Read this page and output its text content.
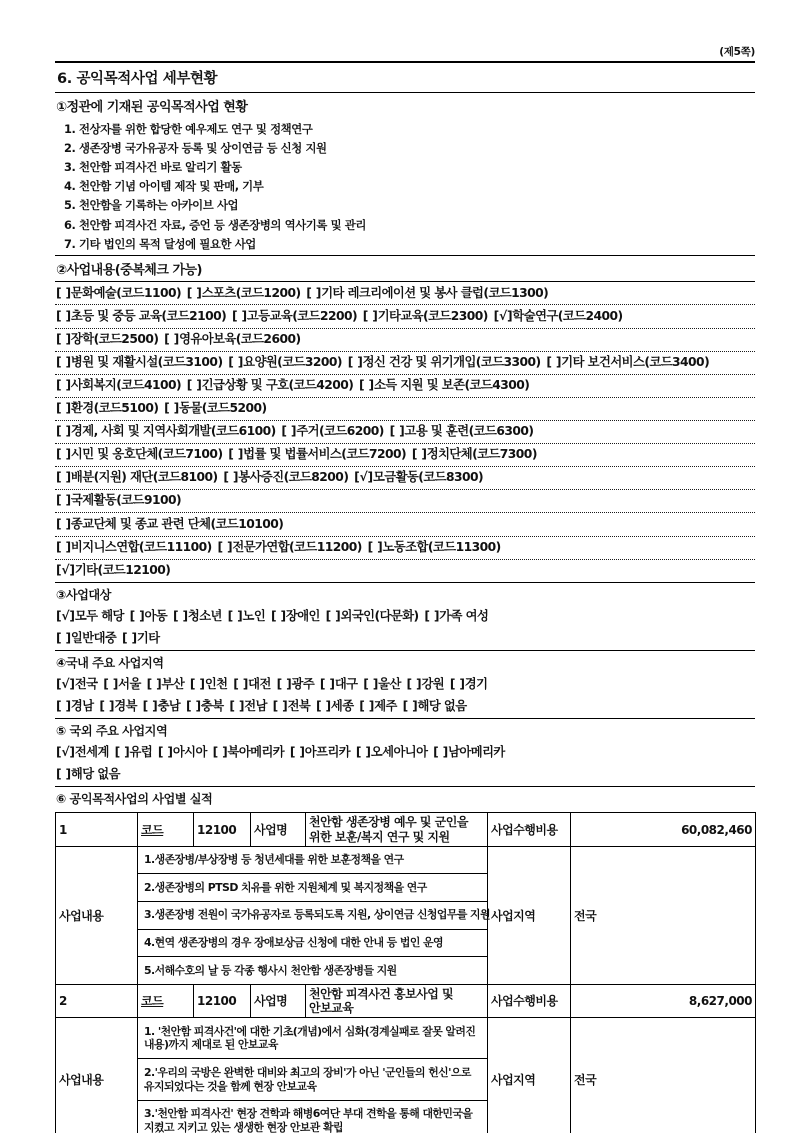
(제5쪽)
6. 공익목적사업 세부현황
①정관에 기재된 공익목적사업 현황
1. 전상자를 위한 합당한 예우제도 연구 및 정책연구
2. 생존장병 국가유공자 등록 및 상이연금 등 신청 지원
3. 천안함 피격사건 바로 알리기 활동
4. 천안함 기념 아이템 제작 및 판매, 기부
5. 천안함을 기록하는 아카이브 사업
6. 천안함 피격사건 자료, 증언 등 생존장병의 역사기록 및 관리
7. 기타 법인의 목적 달성에 필요한 사업
②사업내용(중복체크 가능)
[ ]문화예술(코드1100) [ ]스포츠(코드1200) [ ]기타 레크리에이션 및 봉사 클럽(코드1300)
[ ]초등 및 중등 교육(코드2100) [ ]고등교육(코드2200) [ ]기타교육(코드2300) [√]학술연구(코드2400)
[ ]장학(코드2500) [ ]영유아보육(코드2600)
[ ]병원 및 재활시설(코드3100) [ ]요양원(코드3200) [ ]정신 건강 및 위기개입(코드3300) [ ]기타 보건서비스(코드3400)
[ ]사회복지(코드4100) [ ]긴급상황 및 구호(코드4200) [ ]소득 지원 및 보존(코드4300)
[ ]환경(코드5100) [ ]동물(코드5200)
[ ]경제, 사회 및 지역사회개발(코드6100) [ ]주거(코드6200) [ ]고용 및 훈련(코드6300)
[ ]시민 및 옹호단체(코드7100) [ ]법률 및 법률서비스(코드7200) [ ]정치단체(코드7300)
[ ]배분(지원) 재단(코드8100) [ ]봉사증진(코드8200) [√]모금활동(코드8300)
[ ]국제활동(코드9100)
[ ]종교단체 및 종교 관련 단체(코드10100)
[ ]비지니스연합(코드11100) [ ]전문가연합(코드11200) [ ]노동조합(코드11300)
[√]기타(코드12100)
③사업대상
[√]모두 해당 [ ]아동 [ ]청소년 [ ]노인 [ ]장애인 [ ]외국인(다문화) [ ]가족 여성
[ ]일반대중 [ ]기타
④국내 주요 사업지역
[√]전국 [ ]서울 [ ]부산 [ ]인천 [ ]대전 [ ]광주 [ ]대구 [ ]울산 [ ]강원 [ ]경기
[ ]경남 [ ]경북 [ ]충남 [ ]충북 [ ]전남 [ ]전북 [ ]세종 [ ]제주 [ ]해당 없음
⑤ 국외 주요 사업지역
[√]전세계 [ ]유럽 [ ]아시아 [ ]북아메리카 [ ]아프리카 [ ]오세아니아 [ ]남아메리카
[ ]해당 없음
⑥ 공익목적사업의 사업별 실적
1	코드	12100	사업명	천안함 생존장병 예우 및 군인을 위한 보훈/복지 연구 및 지원	사업수행비용	60,082,460
사업내용	1.생존장병/부상장병 등 청년세대를 위한 보훈정책을 연구				사업지역	전국

	2.생존장병의 PTSD 치유를 위한 지원체계 및 복지정책을 연구					

	3.생존장병 전원이 국가유공자로 등록되도록 지원, 상이연금 신청업무를 지원					

	4.현역 생존장병의 경우 장애보상금 신청에 대한 안내 등 법인 운영					

	5.서해수호의 날 등 각종 행사시 천안함 생존장병들 지원					

2	코드	12100	사업명	천안함 피격사건 홍보사업 및 안보교육	사업수행비용	8,627,000
사업내용	1. '천안함 피격사건'에 대한 기초(개념)에서 심화(경계실패로 잘못 알려진 내용)까지 제대로 된 안보교육				사업지역	전국

	2.'우리의 국방은 완벽한 대비와 최고의 장비'가 아닌 '군인들의 헌신'으로 유지되었다는 것을 함께 현장 안보교육					

	3.'천안함 피격사건' 현장 견학과 해병6여단 부대 견학을 통해 대한민국을 지켰고 지키고 있는 생생한 현장 안보관 확립					
